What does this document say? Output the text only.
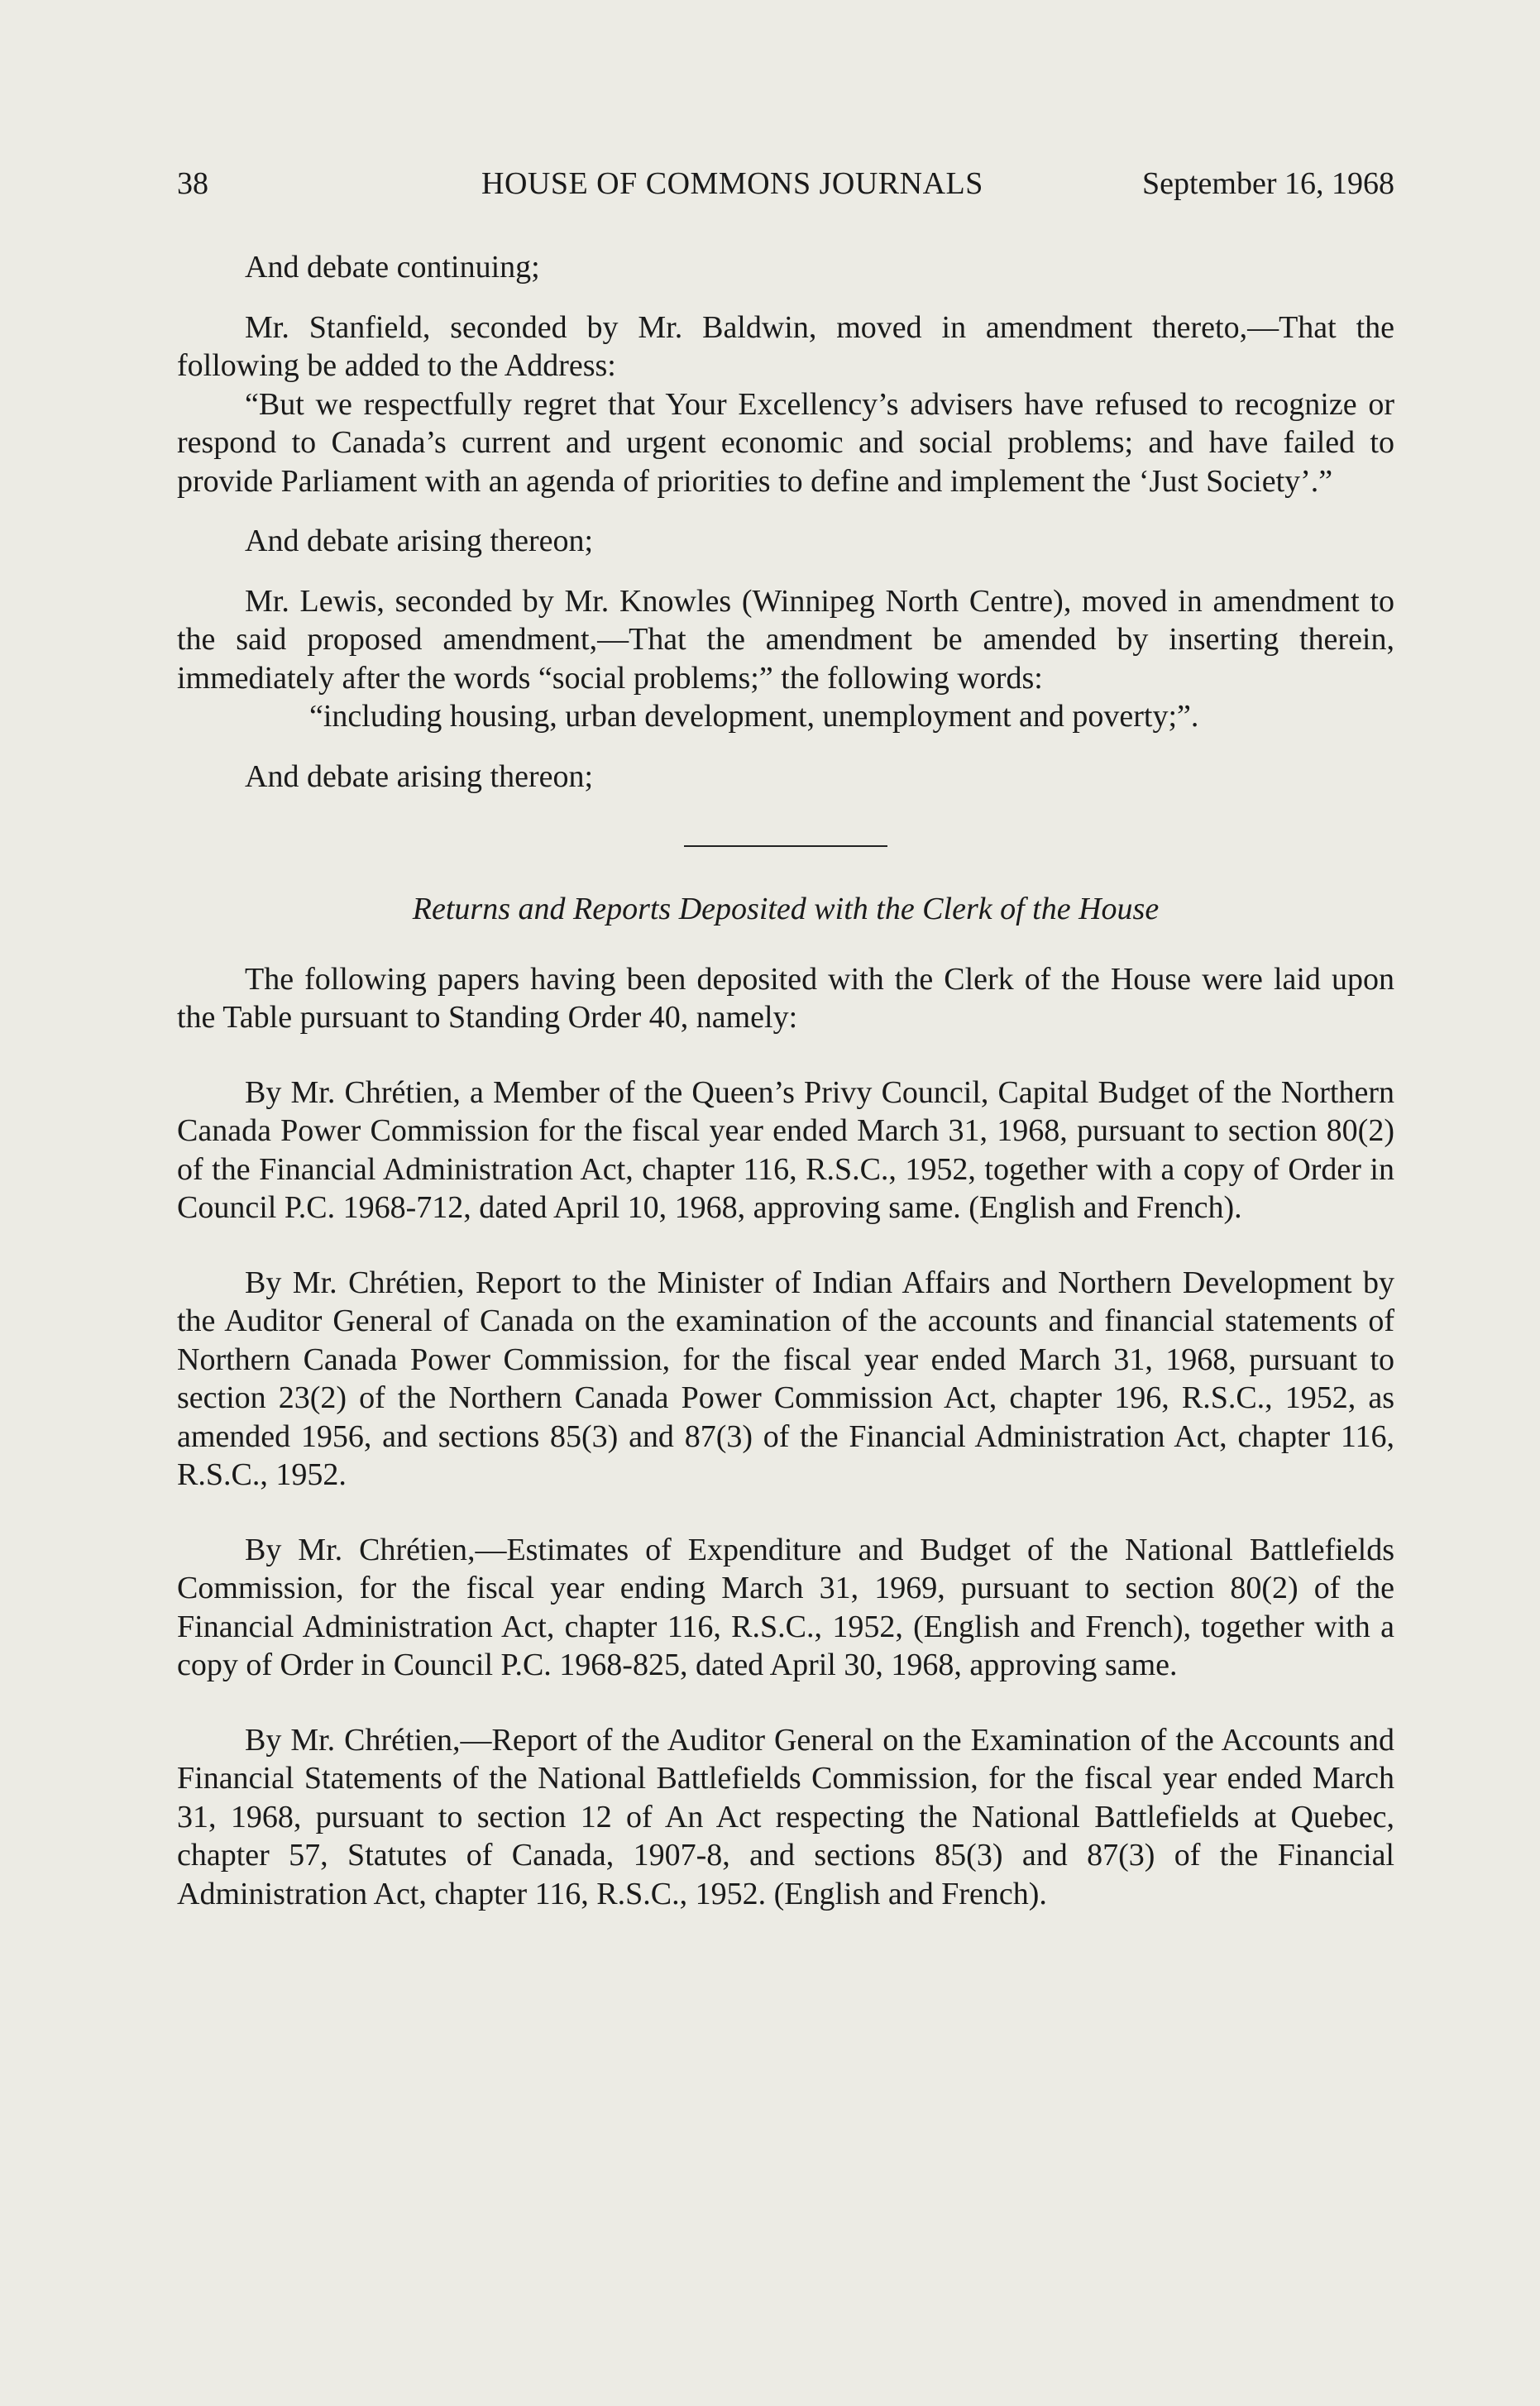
38	HOUSE OF COMMONS JOURNALS	September 16, 1968

And debate continuing;

Mr. Stanfield, seconded by Mr. Baldwin, moved in amendment thereto,—That the following be added to the Address:

“But we respectfully regret that Your Excellency’s advisers have refused to recognize or respond to Canada’s current and urgent economic and social problems; and have failed to provide Parliament with an agenda of priorities to define and implement the ‘Just Society’.”

And debate arising thereon;

Mr. Lewis, seconded by Mr. Knowles (Winnipeg North Centre), moved in amendment to the said proposed amendment,—That the amendment be amended by inserting therein, immediately after the words “social problems;” the following words:

“including housing, urban development, unemployment and poverty;”.

And debate arising thereon;

Returns and Reports Deposited with the Clerk of the House

The following papers having been deposited with the Clerk of the House were laid upon the Table pursuant to Standing Order 40, namely:

By Mr. Chrétien, a Member of the Queen’s Privy Council, Capital Budget of the Northern Canada Power Commission for the fiscal year ended March 31, 1968, pursuant to section 80(2) of the Financial Administration Act, chapter 116, R.S.C., 1952, together with a copy of Order in Council P.C. 1968-712, dated April 10, 1968, approving same. (English and French).

By Mr. Chrétien, Report to the Minister of Indian Affairs and Northern Development by the Auditor General of Canada on the examination of the accounts and financial statements of Northern Canada Power Commission, for the fiscal year ended March 31, 1968, pursuant to section 23(2) of the Northern Canada Power Commission Act, chapter 196, R.S.C., 1952, as amended 1956, and sections 85(3) and 87(3) of the Financial Administration Act, chapter 116, R.S.C., 1952.

By Mr. Chrétien,—Estimates of Expenditure and Budget of the National Battlefields Commission, for the fiscal year ending March 31, 1969, pursuant to section 80(2) of the Financial Administration Act, chapter 116, R.S.C., 1952, (English and French), together with a copy of Order in Council P.C. 1968-825, dated April 30, 1968, approving same.

By Mr. Chrétien,—Report of the Auditor General on the Examination of the Accounts and Financial Statements of the National Battlefields Commission, for the fiscal year ended March 31, 1968, pursuant to section 12 of An Act respecting the National Battlefields at Quebec, chapter 57, Statutes of Canada, 1907-8, and sections 85(3) and 87(3) of the Financial Administration Act, chapter 116, R.S.C., 1952. (English and French).
